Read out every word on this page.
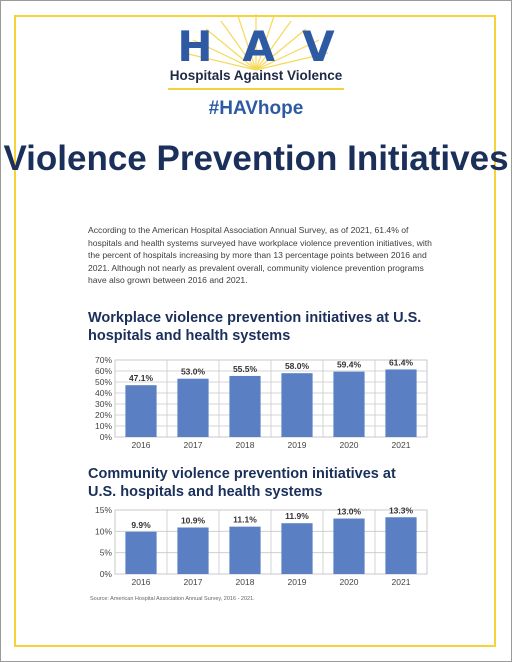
HAV
Hospitals Against Violence
#HAVhope
Violence Prevention Initiatives
According to the American Hospital Association Annual Survey, as of 2021, 61.4% of hospitals and health systems surveyed have workplace violence prevention initiatives, with the percent of hospitals increasing by more than 13 percentage points between 2016 and 2021. Although not nearly as prevalent overall, community violence prevention programs have also grown between 2016 and 2021.
Workplace violence prevention initiatives at U.S. hospitals and health systems
0%
10%
20%
30%
40%
50%
60%
70%
47.1%
2016
53.0%
2017
55.5%
2018
58.0%
2019
59.4%
2020
61.4%
2021
Community violence prevention initiatives at U.S. hospitals and health systems
0%
5%
10%
15%
9.9%
2016
10.9%
2017
11.1%
2018
11.9%
2019
13.0%
2020
13.3%
2021
Source: American Hospital Association Annual Survey, 2016 - 2021.
